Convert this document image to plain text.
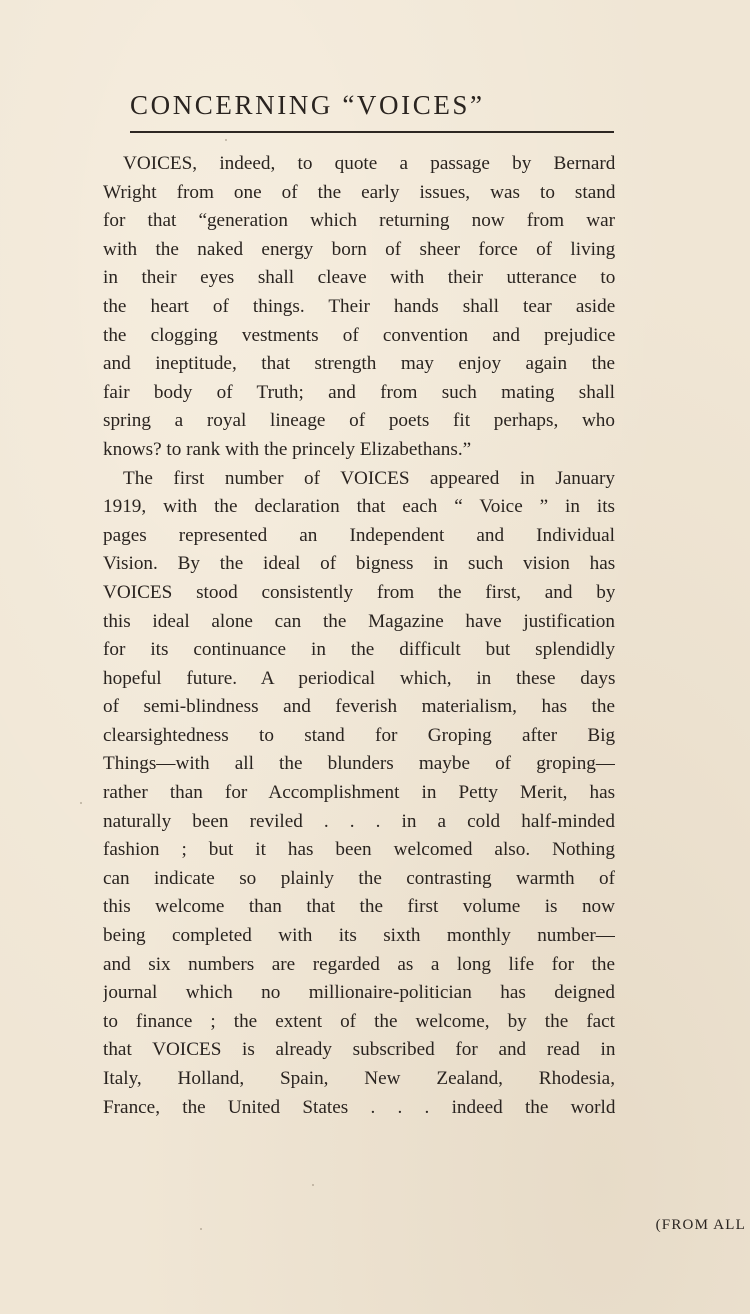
CONCERNING “VOICES”
VOICES, indeed, to quote a passage by Bernard
Wright from one of the early issues, was to stand
for that “generation which returning now from war
with the naked energy born of sheer force of living
in their eyes shall cleave with their utterance to
the heart of things. Their hands shall tear aside
the clogging vestments of convention and prejudice
and ineptitude, that strength may enjoy again the
fair body of Truth; and from such mating shall
spring a royal lineage of poets fit perhaps, who
knows? to rank with the princely Elizabethans.”
The first number of VOICES appeared in January
1919, with the declaration that each “ Voice ” in its
pages represented an Independent and Individual
Vision. By the ideal of bigness in such vision has
VOICES stood consistently from the first, and by
this ideal alone can the Magazine have justification
for its continuance in the difficult but splendidly
hopeful future. A periodical which, in these days
of semi-blindness and feverish materialism, has the
clearsightedness to stand for Groping after Big
Things—with all the blunders maybe of groping—
rather than for Accomplishment in Petty Merit, has
naturally been reviled . . . in a cold half-minded
fashion ; but it has been welcomed also. Nothing
can indicate so plainly the contrasting warmth of
this welcome than that the first volume is now
being completed with its sixth monthly number—
and six numbers are regarded as a long life for the
journal which no millionaire-politician has deigned
to finance ; the extent of the welcome, by the fact
that VOICES is already subscribed for and read in
Italy, Holland, Spain, New Zealand, Rhodesia,
France, the United States . . . indeed the world
(FROM ALL
